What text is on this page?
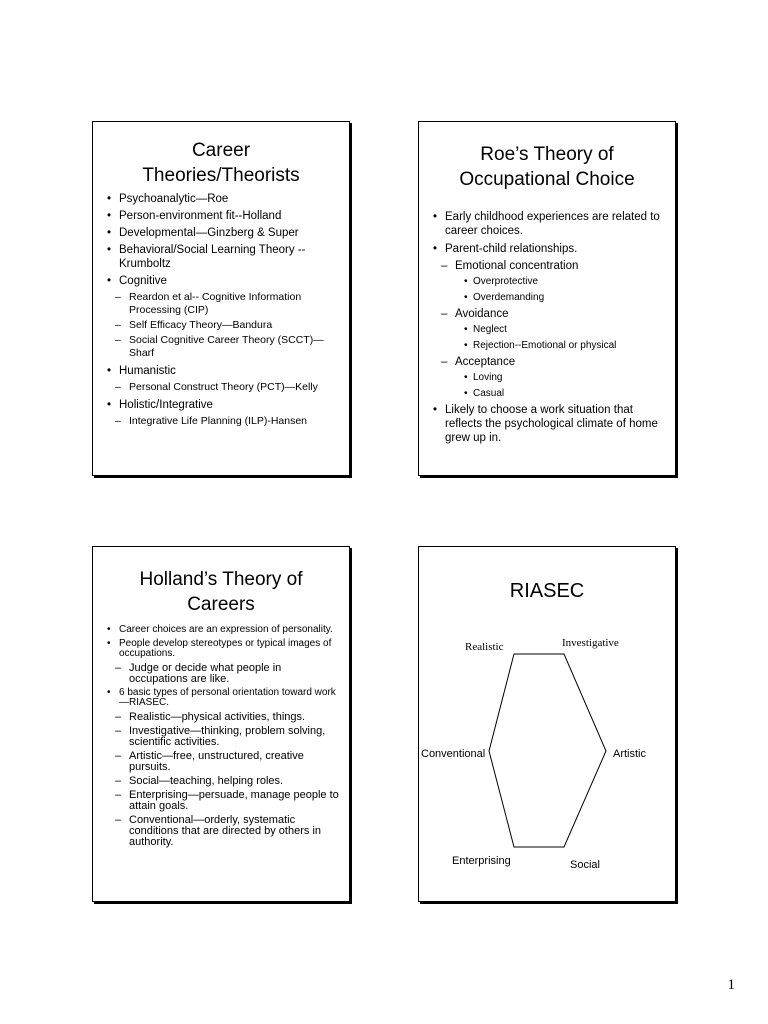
Career Theories/Theorists
• Psychoanalytic—Roe
• Person-environment fit--Holland
• Developmental—Ginzberg & Super
• Behavioral/Social Learning Theory --Krumboltz
• Cognitive
– Reardon et al-- Cognitive Information Processing (CIP)
– Self Efficacy Theory—Bandura
– Social Cognitive Career Theory (SCCT)—Sharf
• Humanistic
– Personal Construct Theory (PCT)—Kelly
• Holistic/Integrative
– Integrative Life Planning (ILP)-Hansen
Roe’s Theory of Occupational Choice
• Early childhood experiences are related to career choices.
• Parent-child relationships.
– Emotional concentration
• Overprotective
• Overdemanding
– Avoidance
• Neglect
• Rejection--Emotional or physical
– Acceptance
• Loving
• Casual
• Likely to choose a work situation that reflects the psychological climate of home grew up in.
Holland’s Theory of Careers
• Career choices are an expression of personality.
• People develop stereotypes or typical images of occupations.
– Judge or decide what people in occupations are like.
• 6 basic types of personal orientation toward work—RIASEC.
– Realistic—physical activities, things.
– Investigative—thinking, problem solving, scientific activities.
– Artistic—free, unstructured, creative pursuits.
– Social—teaching, helping roles.
– Enterprising—persuade, manage people to attain goals.
– Conventional—orderly, systematic conditions that are directed by others in authority.
RIASEC
Realistic	Investigative
Artistic
Social
Enterprising
Conventional
1
